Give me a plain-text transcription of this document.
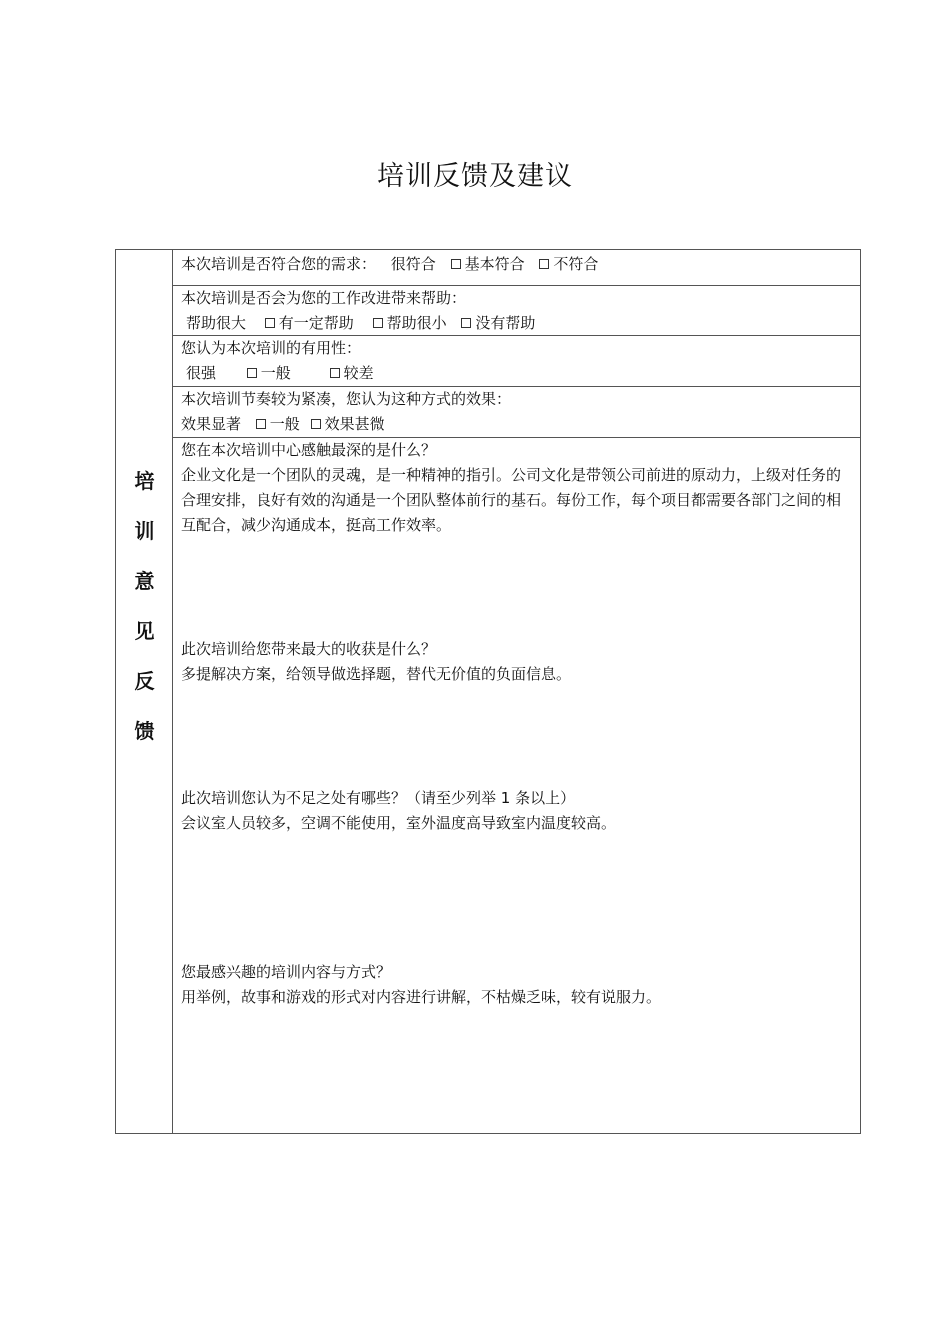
培训反馈及建议
培
训
意
见
反
馈
本次培训是否符合您的需求： 很符合 基本符合 不符合
本次培训是否会为您的工作改进带来帮助：
帮助很大 有一定帮助 帮助很小 没有帮助
您认为本次培训的有用性：
很强	一般	较差
本次培训节奏较为紧凑，您认为这种方式的效果：
效果显著 一般 效果甚微
您在本次培训中心感触最深的是什么？
企业文化是一个团队的灵魂，是一种精神的指引。公司文化是带领公司前进的原动力，上级对任务的合理安排，良好有效的沟通是一个团队整体前行的基石。每份工作，每个项目都需要各部门之间的相互配合，减少沟通成本，挺高工作效率。
此次培训给您带来最大的收获是什么？
多提解决方案，给领导做选择题，替代无价值的负面信息。
此次培训您认为不足之处有哪些？（请至少列举 1 条以上）
会议室人员较多，空调不能使用，室外温度高导致室内温度较高。
您最感兴趣的培训内容与方式？
用举例，故事和游戏的形式对内容进行讲解，不枯燥乏味，较有说服力。
